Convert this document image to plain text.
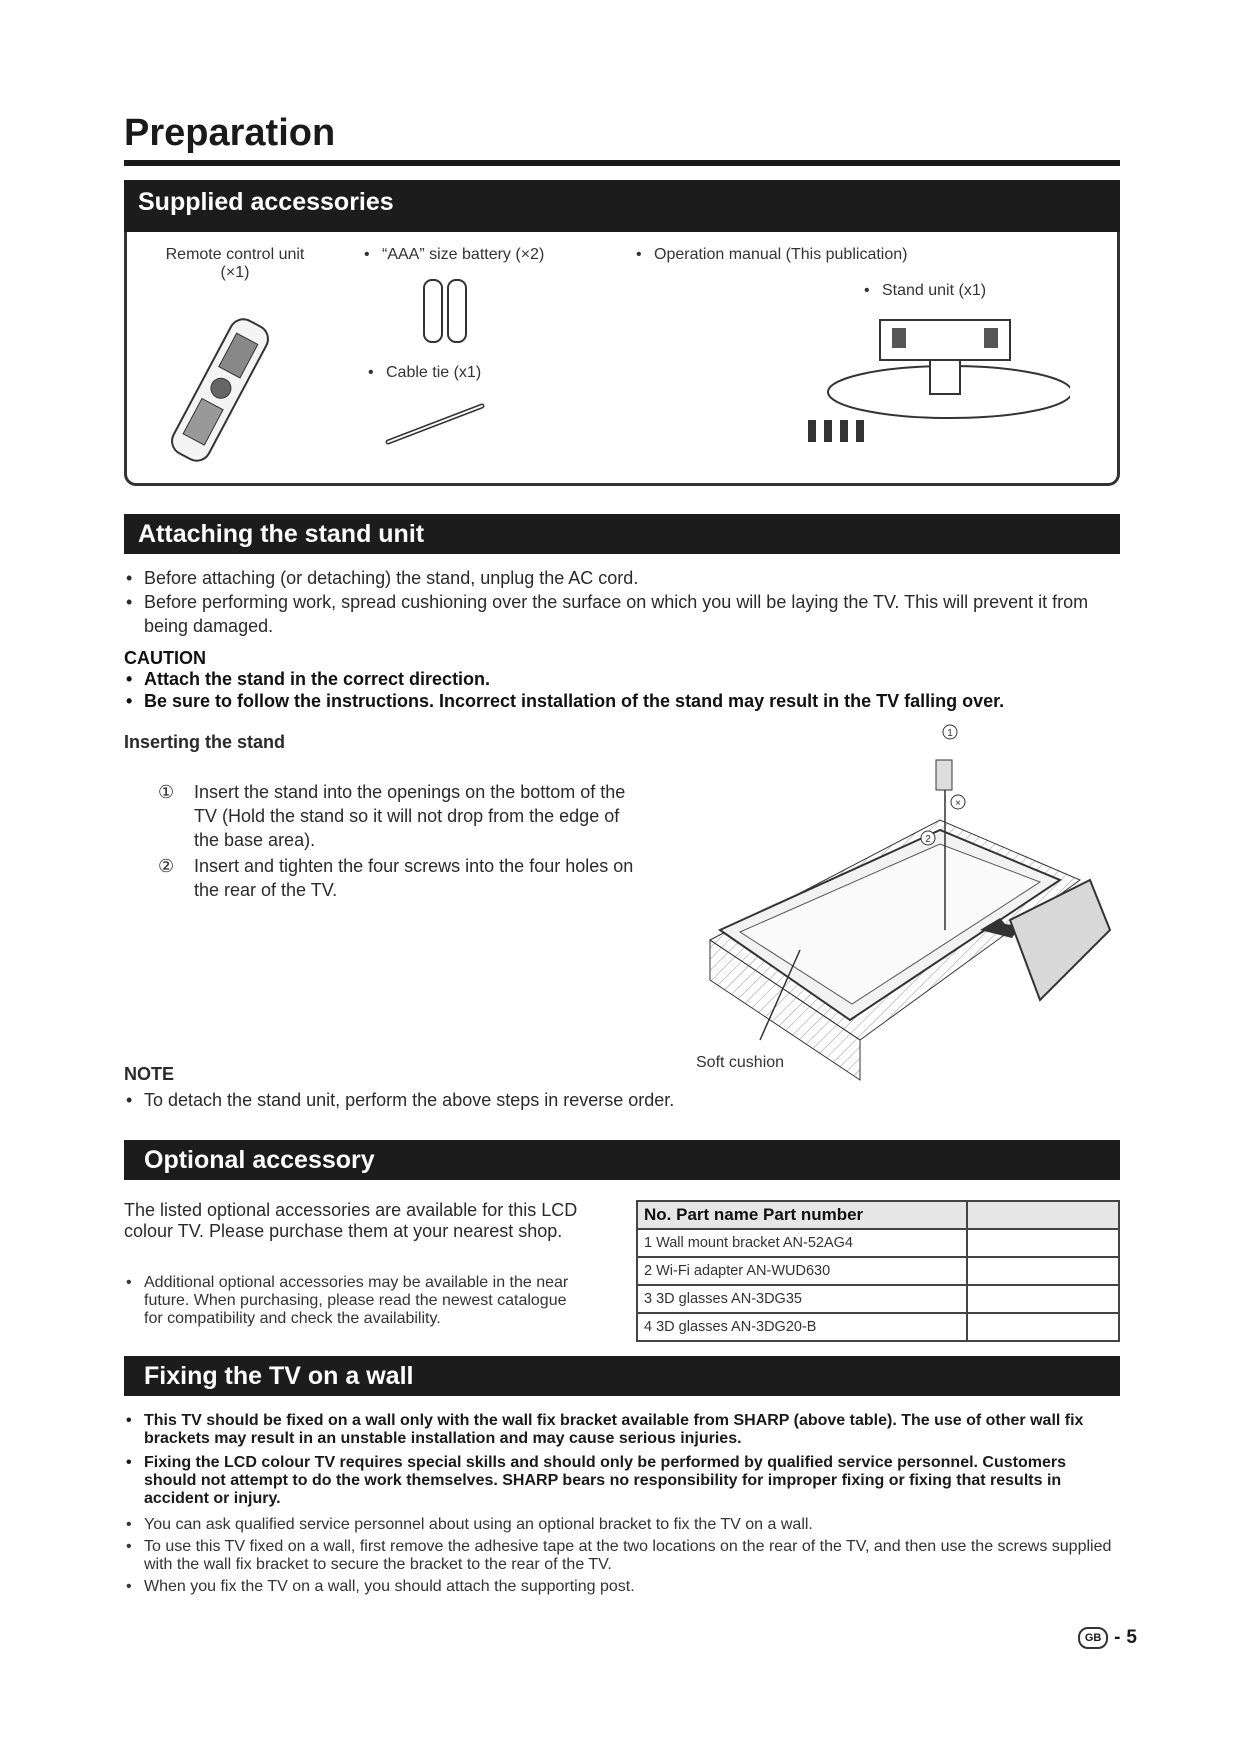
Preparation
Supplied accessories
Remote control unit
(×1)
• “AAA” size battery (×2)
• Cable tie (x1)
• Operation manual (This publication)
• Stand unit (x1)
Attaching the stand unit
• Before attaching (or detaching) the stand, unplug the AC cord.
• Before performing work, spread cushioning over the surface on which you will be laying the TV. This will prevent it from being damaged.
CAUTION
• Attach the stand in the correct direction.
• Be sure to follow the instructions. Incorrect installation of the stand may result in the TV falling over.
Inserting the stand
①	Insert the stand into the openings on the bottom of the TV (Hold the stand so it will not drop from the edge of the base area).
②	Insert and tighten the four screws into the four holes on the rear of the TV.
1
×
2
Soft cushion
NOTE
• To detach the stand unit, perform the above steps in reverse order.
Optional accessory
The listed optional accessories are available for this LCD colour TV. Please purchase them at your nearest shop.
• Additional optional accessories may be available in the near future. When purchasing, please read the newest catalogue for compatibility and check the availability.
No. Part name Part number	
1 Wall mount bracket AN-52AG4	
2 Wi-Fi adapter AN-WUD630	
3 3D glasses AN-3DG35	
4 3D glasses AN-3DG20-B	
Fixing the TV on a wall
• This TV should be fixed on a wall only with the wall fix bracket available from SHARP (above table). The use of other wall fix brackets may result in an unstable installation and may cause serious injuries.
• Fixing the LCD colour TV requires special skills and should only be performed by qualified service personnel. Customers should not attempt to do the work themselves. SHARP bears no responsibility for improper fixing or fixing that results in accident or injury.
• You can ask qualified service personnel about using an optional bracket to fix the TV on a wall.
• To use this TV fixed on a wall, first remove the adhesive tape at the two locations on the rear of the TV, and then use the screws supplied with the wall fix bracket to secure the bracket to the rear of the TV.
• When you fix the TV on a wall, you should attach the supporting post.
GB - 5
